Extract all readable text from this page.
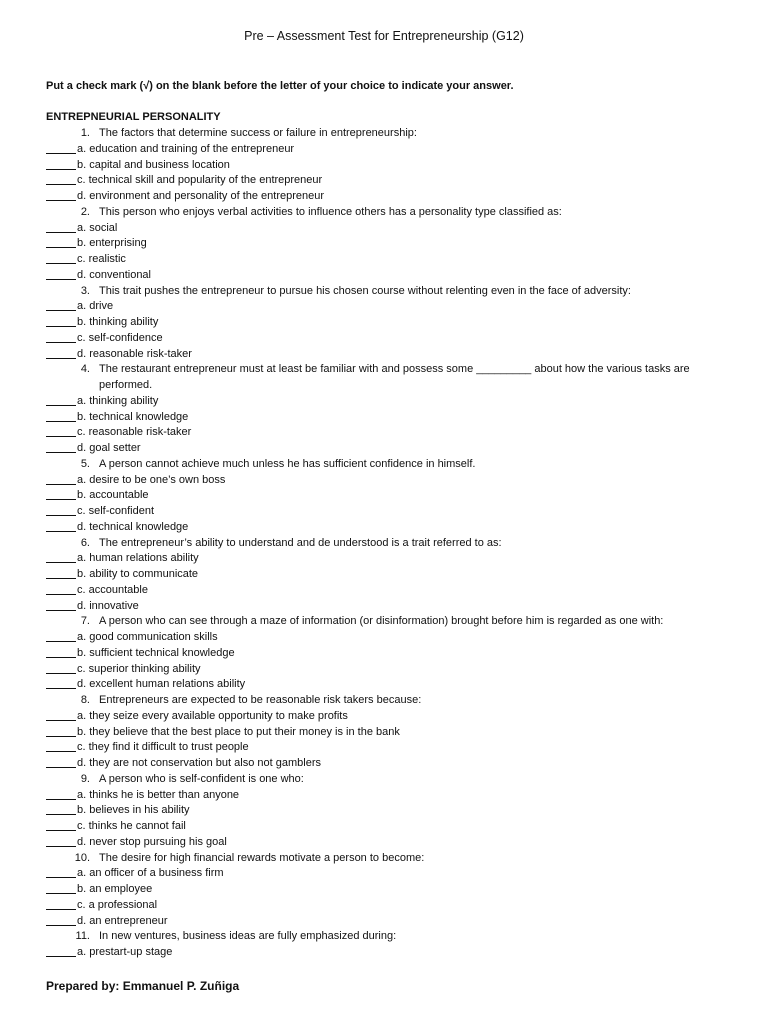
Pre – Assessment Test for Entrepreneurship (G12)
Put a check mark (√) on the blank before the letter of your choice to indicate your answer.
ENTREPNEURIAL PERSONALITY
1. The factors that determine success or failure in entrepreneurship:
a. education and training of the entrepreneur
b. capital and business location
c. technical skill and popularity of the entrepreneur
d. environment and personality of the entrepreneur
2. This person who enjoys verbal activities to influence others has a personality type classified as:
a. social
b. enterprising
c. realistic
d. conventional
3. This trait pushes the entrepreneur to pursue his chosen course without relenting even in the face of adversity:
a. drive
b. thinking ability
c. self-confidence
d. reasonable risk-taker
4. The restaurant entrepreneur must at least be familiar with and possess some _________ about how the various tasks are performed.
a. thinking ability
b. technical knowledge
c. reasonable risk-taker
d. goal setter
5. A person cannot achieve much unless he has sufficient confidence in himself.
a. desire to be one’s own boss
b. accountable
c. self-confident
d. technical knowledge
6. The entrepreneur’s ability to understand and de understood is a trait referred to as:
a. human relations ability
b. ability to communicate
c. accountable
d. innovative
7. A person who can see through a maze of information (or disinformation) brought before him is regarded as one with:
a. good communication skills
b. sufficient technical knowledge
c. superior thinking ability
d. excellent human relations ability
8. Entrepreneurs are expected to be reasonable risk takers because:
a. they seize every available opportunity to make profits
b. they believe that the best place to put their money is in the bank
c. they find it difficult to trust people
d. they are not conservation but also not gamblers
9. A person who is self-confident is one who:
a. thinks he is better than anyone
b. believes in his ability
c. thinks he cannot fail
d. never stop pursuing his goal
10. The desire for high financial rewards motivate a person to become:
a. an officer of a business firm
b. an employee
c. a professional
d. an entrepreneur
11. In new ventures, business ideas are fully emphasized during:
a. prestart-up stage
Prepared by: Emmanuel P. Zuñiga
